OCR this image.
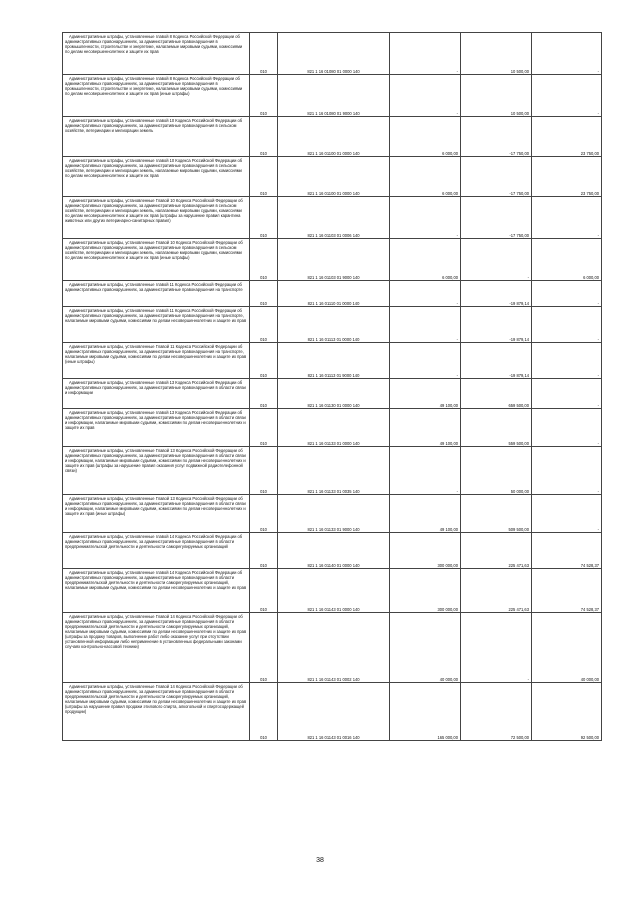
Административные штрафы, установленные главой 8 Кодекса Российской Федерации об административных правонарушениях, за административные правонарушения в промышленности, строительстве и энергетике, налагаемые мировыми судьями, комиссиями по делам несовершеннолетних и защите их прав	010	821 1 16 01080 01 0000 140	-	10 500,00	-
Административные штрафы, установленные главой 8 Кодекса Российской Федерации об административных правонарушениях, за административные правонарушения в промышленности, строительстве и энергетике, налагаемые мировыми судьями, комиссиями по делам несовершеннолетних и защите их прав (иные штрафы)	010	821 1 16 01080 01 9000 140	-	10 500,00	-
Административные штрафы, установленные главой 10 Кодекса Российской Федерации об административных правонарушениях, за административные правонарушения в сельском хозяйстве, ветеринарии и мелиорации земель	010	821 1 16 01100 01 0000 140	6 000,00	-17 750,00	23 750,00
Административные штрафы, установленные главой 10 Кодекса Российской Федерации об административных правонарушениях, за административные правонарушения в сельском хозяйстве, ветеринарии и мелиорации земель, налагаемые мировыми судьями, комиссиями по делам несовершеннолетних и защите их прав	010	821 1 16 01100 01 0000 140	6 000,00	-17 750,00	23 750,00
Административные штрафы, установленные Главой 10 Кодекса Российской Федерации об административных правонарушениях, за административные правонарушения в сельском хозяйстве, ветеринарии и мелиорации земель, налагаемые мировыми судьями, комиссиями по делам несовершеннолетних и защите их прав (штрафы за нарушение правил карантина животных или других ветеринарно-санитарных правил)	010	821 1 16 01103 01 0006 140	-	-17 750,00	-
Административные штрафы, установленные Главой 10 Кодекса Российской Федерации об административных правонарушениях, за административные правонарушения в сельском хозяйстве, ветеринарии и мелиорации земель, налагаемые мировыми судьями, комиссиями по делам несовершеннолетних и защите их прав (иные штрафы)	010	821 1 16 01103 01 9000 140	6 000,00	-	6 000,00
Административные штрафы, установленные главой 11 Кодекса Российской Федерации об административных правонарушениях, за административные правонарушения на транспорте	010	821 1 16 01110 01 0000 140	-	-19 879,14	-
Административные штрафы, установленные главой 11 Кодекса Российской Федерации об административных правонарушениях, за административные правонарушения на транспорте, налагаемые мировыми судьями, комиссиями по делам несовершеннолетних и защите их прав	010	821 1 16 01113 01 0000 140	-	-19 879,14	-
Административные штрафы, установленные Главой 11 Кодекса Российской Федерации об административных правонарушениях, за административные правонарушения на транспорте, налагаемые мировыми судьями, комиссиями по делам несовершеннолетних и защите их прав (иные штрафы)	010	821 1 16 01113 01 9000 140	-	-19 879,14	-
Административные штрафы, установленные главой 13 Кодекса Российской Федерации об административных правонарушениях, за административные правонарушения в области связи и информации	010	821 1 16 01130 01 0000 140	49 100,00	659 500,00	-
Административные штрафы, установленные главой 13 Кодекса Российской Федерации об административных правонарушениях, за административные правонарушения в области связи и информации, налагаемые мировыми судьями, комиссиями по делам несовершеннолетних и защите их прав	010	821 1 16 01133 01 0000 140	49 100,00	559 500,00	-
Административные штрафы, установленные Главой 13 Кодекса Российской Федерации об административных правонарушениях, за административные правонарушения в области связи и информации, налагаемые мировыми судьями, комиссиями по делам несовершеннолетних и защите их прав (штрафы за нарушение правил оказания услуг подвижной радиотелефонной связи)	010	821 1 16 01133 01 0035 140	-	50 000,00	-
Административные штрафы, установленные Главой 13 Кодекса Российской Федерации об административных правонарушениях, за административные правонарушения в области связи и информации, налагаемые мировыми судьями, комиссиями по делам несовершеннолетних и защите их прав (иные штрафы)	010	821 1 16 01133 01 9000 140	49 100,00	509 500,00	-
Административные штрафы, установленные главой 14 Кодекса Российской Федерации об административных правонарушениях, за административные правонарушения в области предпринимательской деятельности и деятельности саморегулируемых организаций	010	821 1 16 01140 01 0000 140	300 000,00	225 471,63	74 528,37
Административные штрафы, установленные главой 14 Кодекса Российской Федерации об административных правонарушениях, за административные правонарушения в области предпринимательской деятельности и деятельности саморегулируемых организаций, налагаемые мировыми судьями, комиссиями по делам несовершеннолетних и защите их прав	010	821 1 16 01143 01 0000 140	300 000,00	225 471,63	74 528,37
Административные штрафы, установленные Главой 14 Кодекса Российской Федерации об административных правонарушениях, за административные правонарушения в области предпринимательской деятельности и деятельности саморегулируемых организаций, налагаемые мировыми судьями, комиссиями по делам несовершеннолетних и защите их прав (штрафы за продажу товаров, выполнение работ либо оказание услуг при отсутствии установленной информации либо неприменение в установленных федеральными законами случаях контрольно-кассовой техники)	010	821 1 16 01143 01 0002 140	40 000,00	-	40 000,00
Административные штрафы, установленные Главой 14 Кодекса Российской Федерации об административных правонарушениях, за административные правонарушения в области предпринимательской деятельности и деятельности саморегулируемых организаций, налагаемые мировыми судьями, комиссиями по делам несовершеннолетних и защите их прав (штрафы за нарушение правил продажи этилового спирта, алкогольной и спиртосодержащей продукции)	010	821 1 16 01143 01 0016 140	165 000,00	72 500,00	92 500,00
38
